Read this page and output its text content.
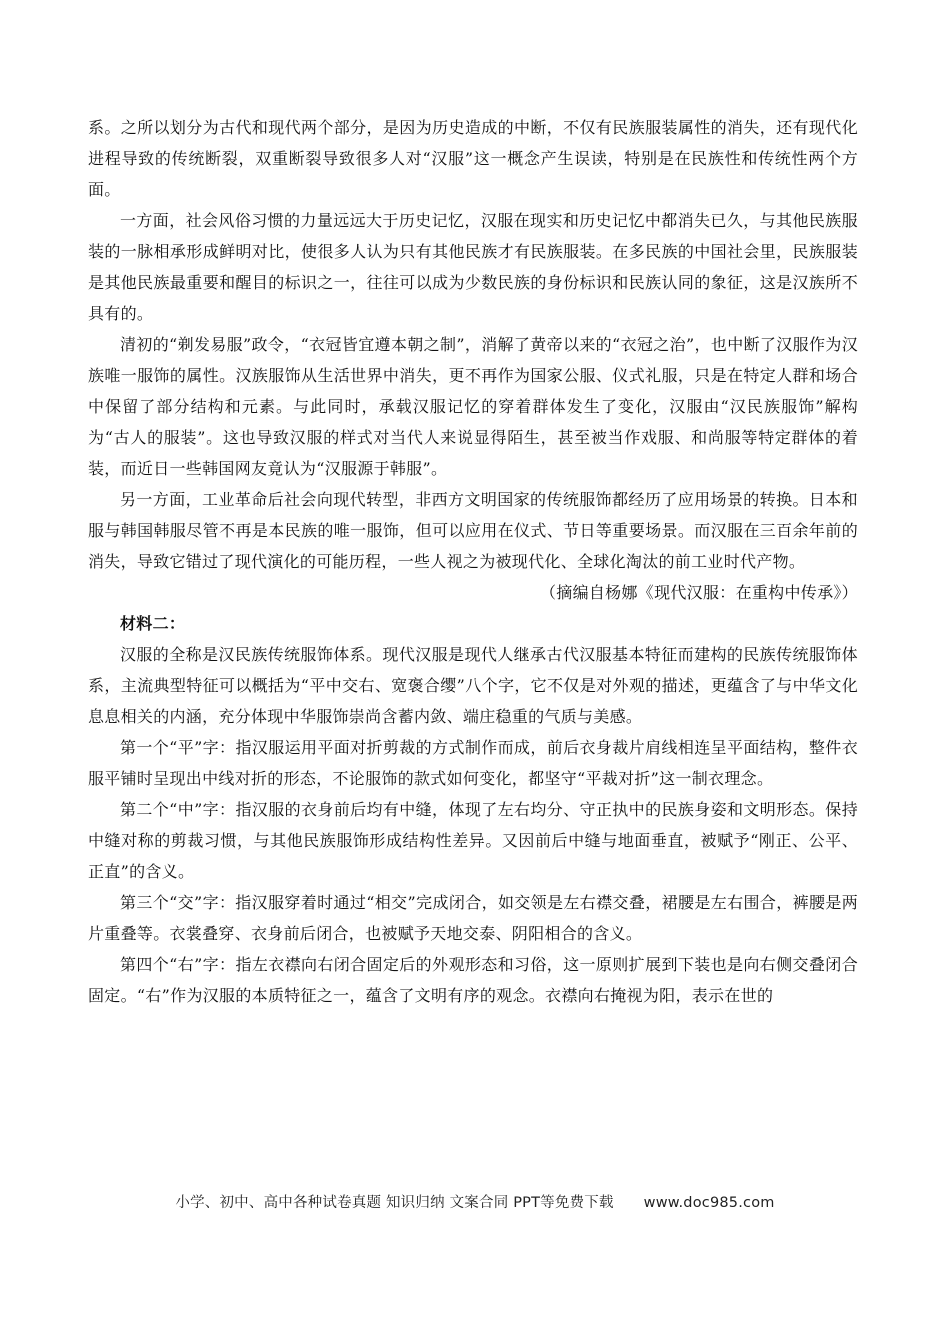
系。之所以划分为古代和现代两个部分，是因为历史造成的中断，不仅有民族服装属性的消失，还有现代化进程导致的传统断裂，双重断裂导致很多人对“汉服”这一概念产生误读，特别是在民族性和传统性两个方面。

一方面，社会风俗习惯的力量远远大于历史记忆，汉服在现实和历史记忆中都消失已久，与其他民族服装的一脉相承形成鲜明对比，使很多人认为只有其他民族才有民族服装。在多民族的中国社会里，民族服装是其他民族最重要和醒目的标识之一，往往可以成为少数民族的身份标识和民族认同的象征，这是汉族所不具有的。

清初的“剃发易服”政令，“衣冠皆宜遵本朝之制”，消解了黄帝以来的“衣冠之治”，也中断了汉服作为汉族唯一服饰的属性。汉族服饰从生活世界中消失，更不再作为国家公服、仪式礼服，只是在特定人群和场合中保留了部分结构和元素。与此同时，承载汉服记忆的穿着群体发生了变化，汉服由“汉民族服饰”解构为“古人的服装”。这也导致汉服的样式对当代人来说显得陌生，甚至被当作戏服、和尚服等特定群体的着装，而近日一些韩国网友竟认为“汉服源于韩服”。

另一方面，工业革命后社会向现代转型，非西方文明国家的传统服饰都经历了应用场景的转换。日本和服与韩国韩服尽管不再是本民族的唯一服饰，但可以应用在仪式、节日等重要场景。而汉服在三百余年前的消失，导致它错过了现代演化的可能历程，一些人视之为被现代化、全球化淘汰的前工业时代产物。

（摘编自杨娜《现代汉服：在重构中传承》）

材料二：

汉服的全称是汉民族传统服饰体系。现代汉服是现代人继承古代汉服基本特征而建构的民族传统服饰体系，主流典型特征可以概括为“平中交右、宽褒合缨”八个字，它不仅是对外观的描述，更蕴含了与中华文化息息相关的内涵，充分体现中华服饰崇尚含蓄内敛、端庄稳重的气质与美感。

第一个“平”字：指汉服运用平面对折剪裁的方式制作而成，前后衣身裁片肩线相连呈平面结构，整件衣服平铺时呈现出中线对折的形态，不论服饰的款式如何变化，都坚守“平裁对折”这一制衣理念。

第二个“中”字：指汉服的衣身前后均有中缝，体现了左右均分、守正执中的民族身姿和文明形态。保持中缝对称的剪裁习惯，与其他民族服饰形成结构性差异。又因前后中缝与地面垂直，被赋予“刚正、公平、正直”的含义。

第三个“交”字：指汉服穿着时通过“相交”完成闭合，如交领是左右襟交叠，裙腰是左右围合，裤腰是两片重叠等。衣裳叠穿、衣身前后闭合，也被赋予天地交泰、阴阳相合的含义。

第四个“右”字：指左衣襟向右闭合固定后的外观形态和习俗，这一原则扩展到下装也是向右侧交叠闭合固定。“右”作为汉服的本质特征之一，蕴含了文明有序的观念。衣襟向右掩视为阳，表示在世的

小学、初中、高中各种试卷真题 知识归纳 文案合同 PPT等免费下载 www.doc985.com
